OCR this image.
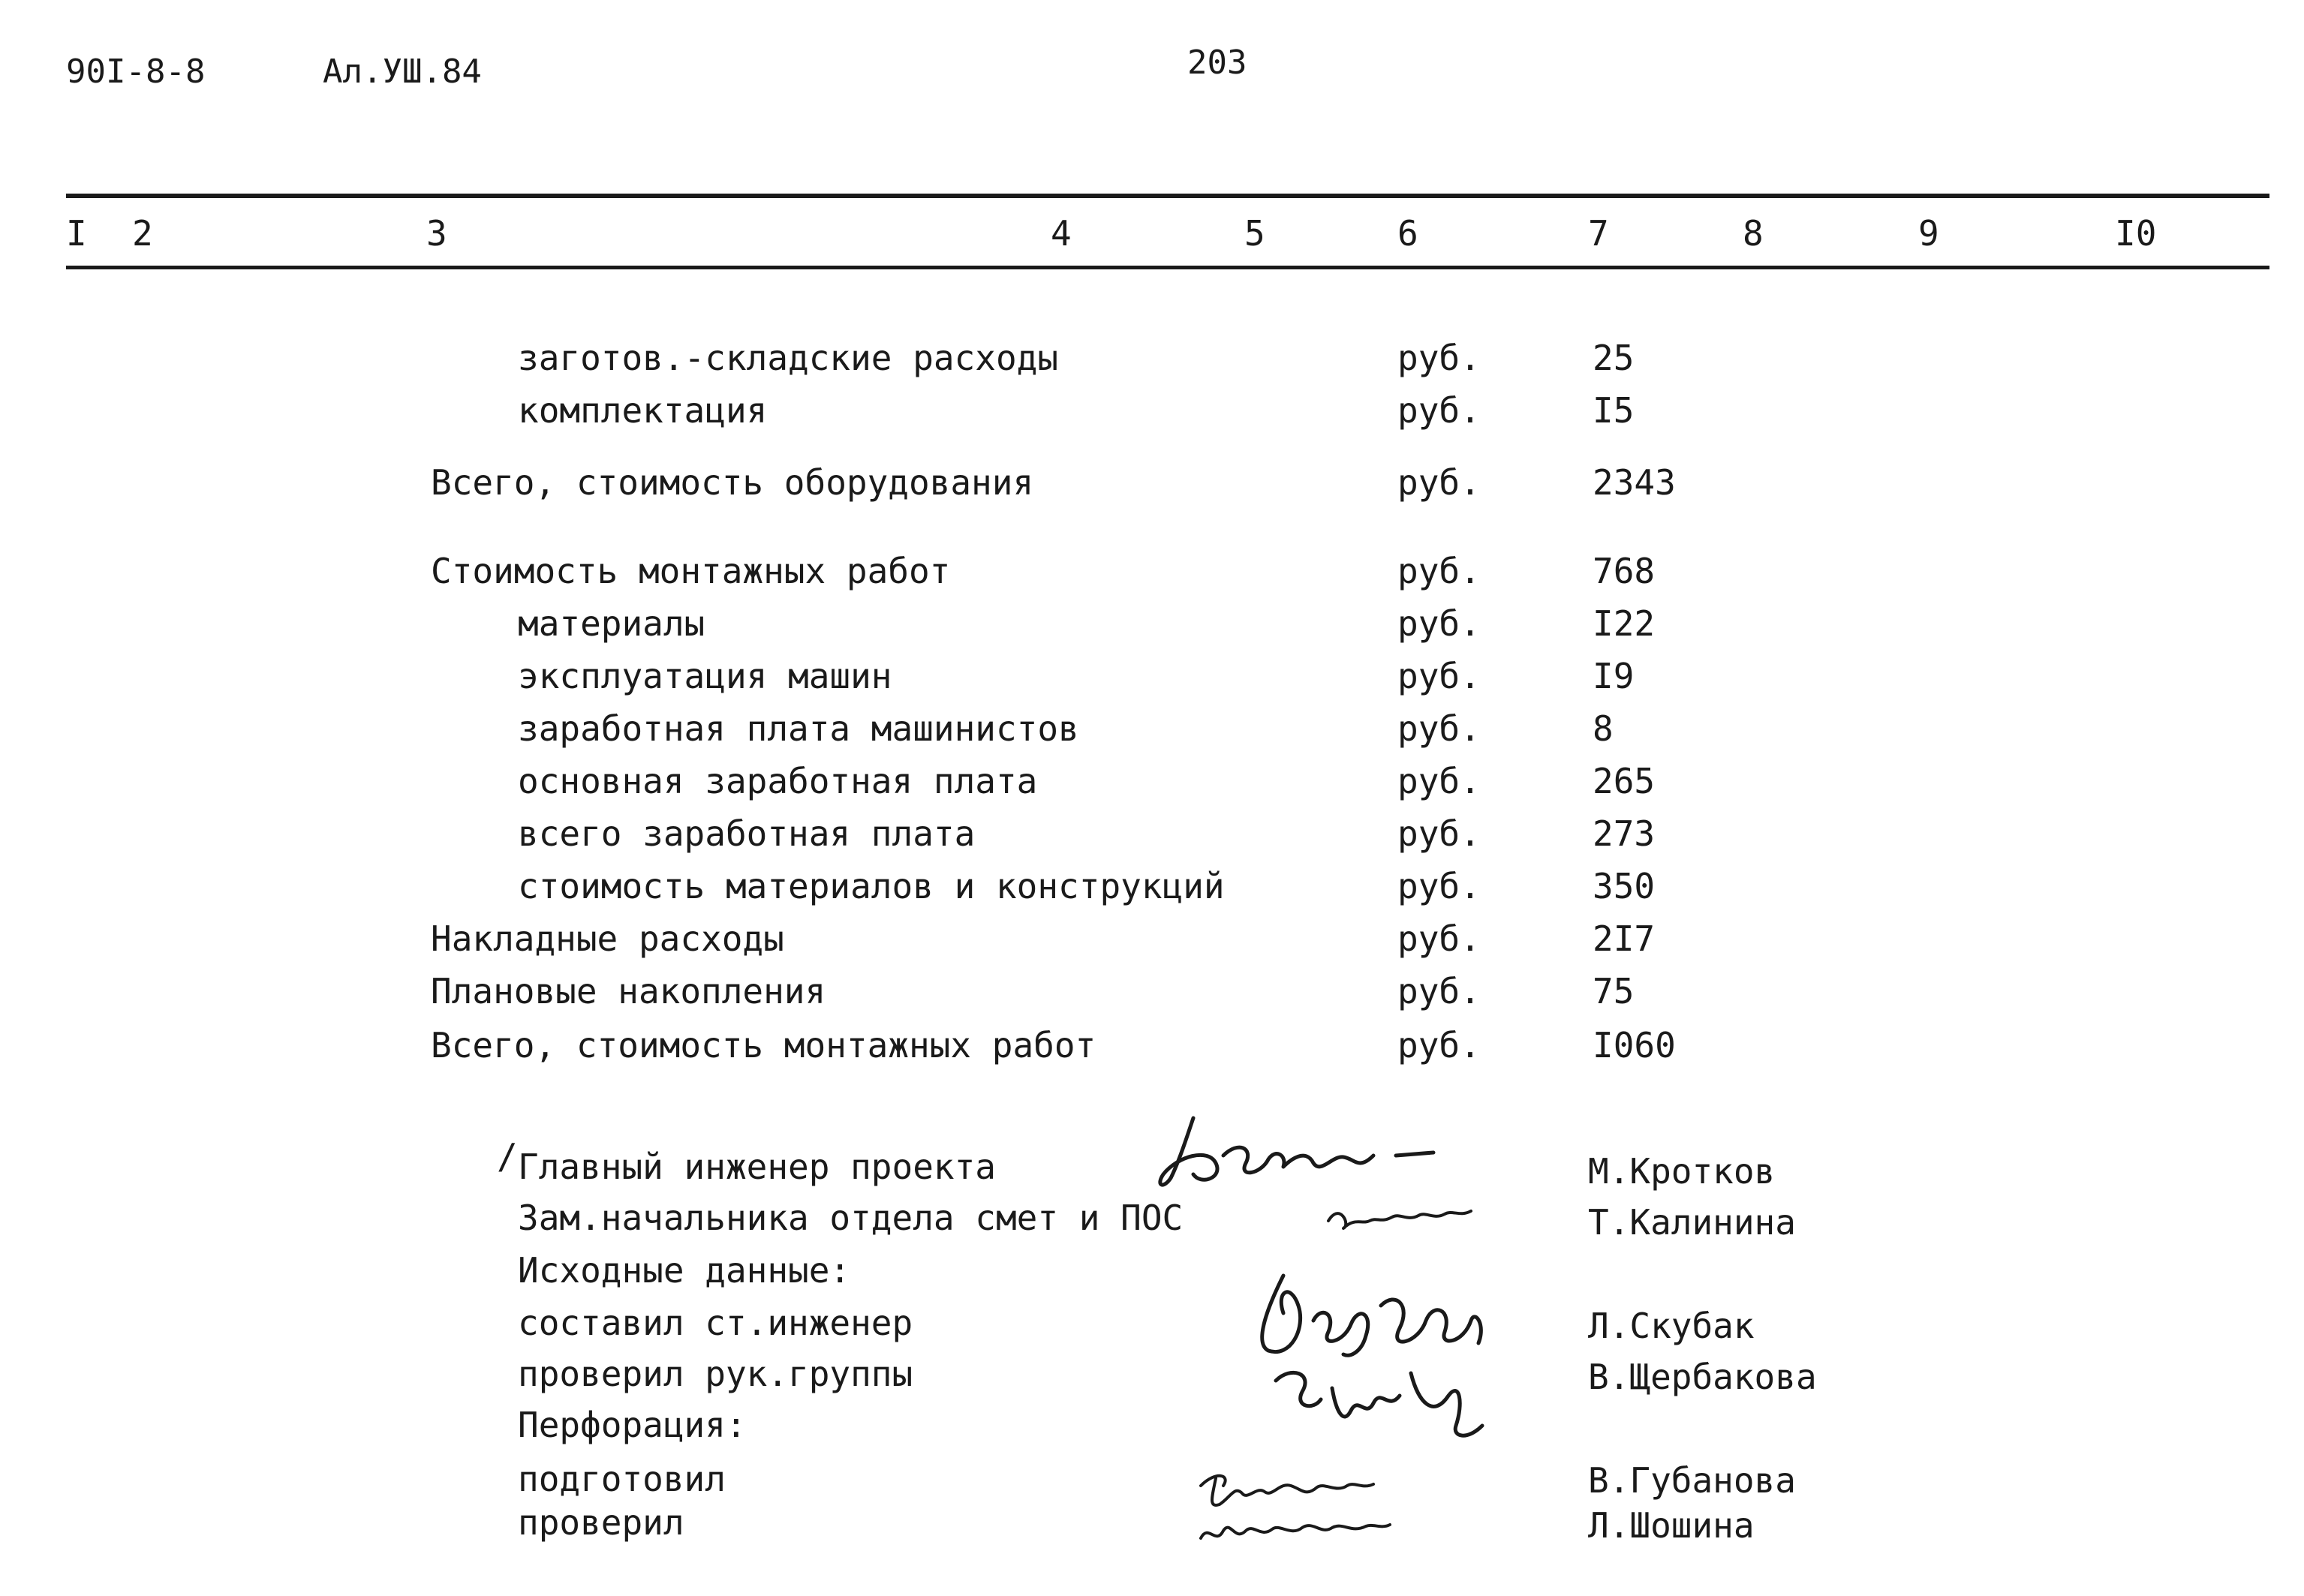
90I-8-8	Ал.УШ.84	203
I 2	3	4	5	6	7	8	9	I0
заготов.-складские расходы	руб.	25
комплектация	руб.	I5
Всего, стоимость оборудования	руб.	2343
Стоимость монтажных работ	руб.	768
материалы	руб.	I22
эксплуатация машин	руб.	I9
заработная плата машинистов	руб.	8
основная заработная плата	руб.	265
всего заработная плата	руб.	273
стоимость материалов и конструкций	руб.	350
Накладные расходы	руб.	2I7
Плановые накопления	руб.	75
Всего, стоимость монтажных работ	руб.	I060
/ Главный инженер проекта	М.Кротков
Зам.начальника отдела смет и ПОС	Т.Калинина
Исходные данные:
составил ст.инженер	Л.Скубак
проверил рук.группы	В.Щербакова
Перфорация:
подготовил	В.Губанова
проверил	Л.Шошина
